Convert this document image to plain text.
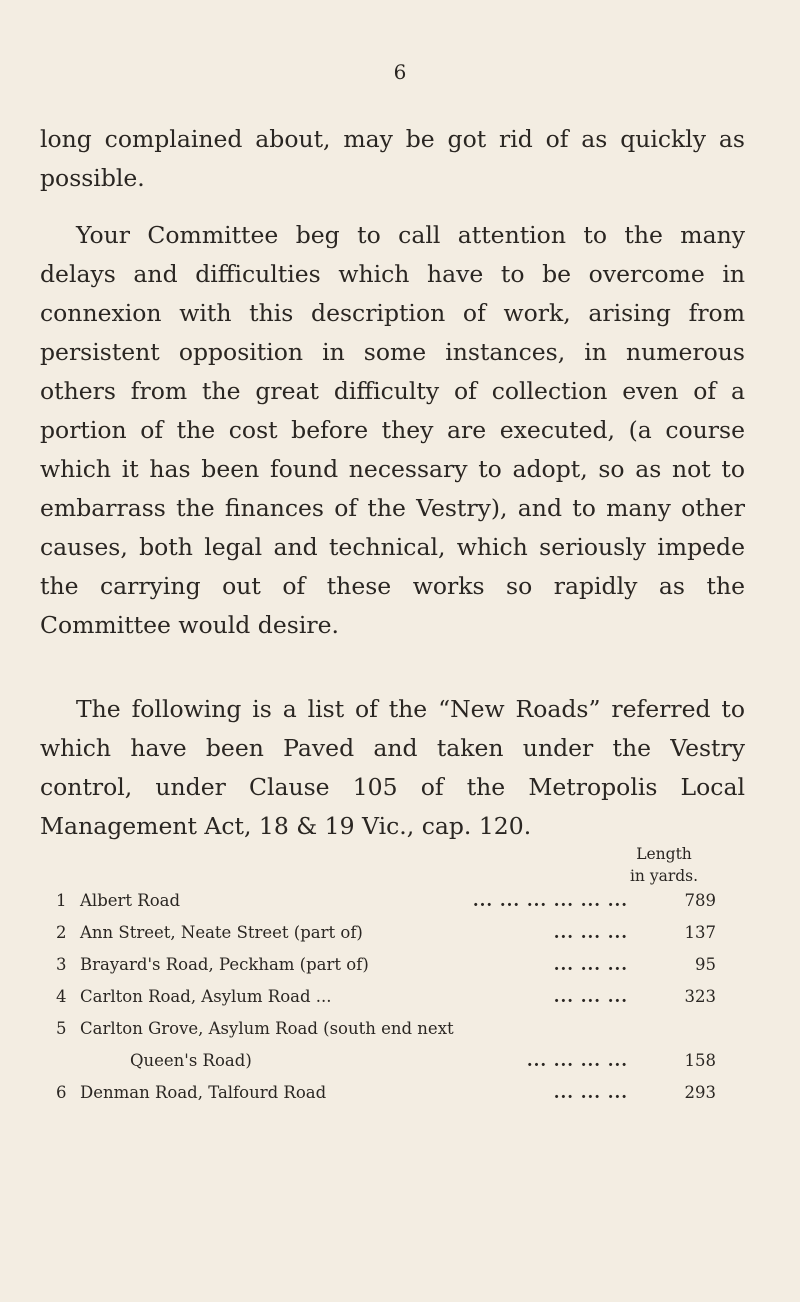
6

long complained about, may be got rid of as quickly as possible.

Your Committee beg to call attention to the many delays and difficulties which have to be overcome in connexion with this description of work, arising from persistent opposition in some instances, in numerous others from the great difficulty of collection even of a portion of the cost before they are executed, (a course which it has been found necessary to adopt, so as not to embarrass the finances of the Vestry), and to many other causes, both legal and technical, which seriously impede the carrying out of these works so rapidly as the Committee would desire.

The following is a list of the “New Roads” referred to which have been Paved and taken under the Vestry control, under Clause 105 of the Metropolis Local Management Act, 18 & 19 Vic., cap. 120.

Length
in yards.
1 Albert Road	... ... ... ... ... ...	789
2 Ann Street, Neate Street (part of)	... ... ...	137
3 Brayard's Road, Peckham (part of)	... ... ...	95
4 Carlton Road, Asylum Road ...	... ... ...	323
5 Carlton Grove, Asylum Road (south end next
Queen's Road)	... ... ... ...	158
6 Denman Road, Talfourd Road	... ... ...	293
